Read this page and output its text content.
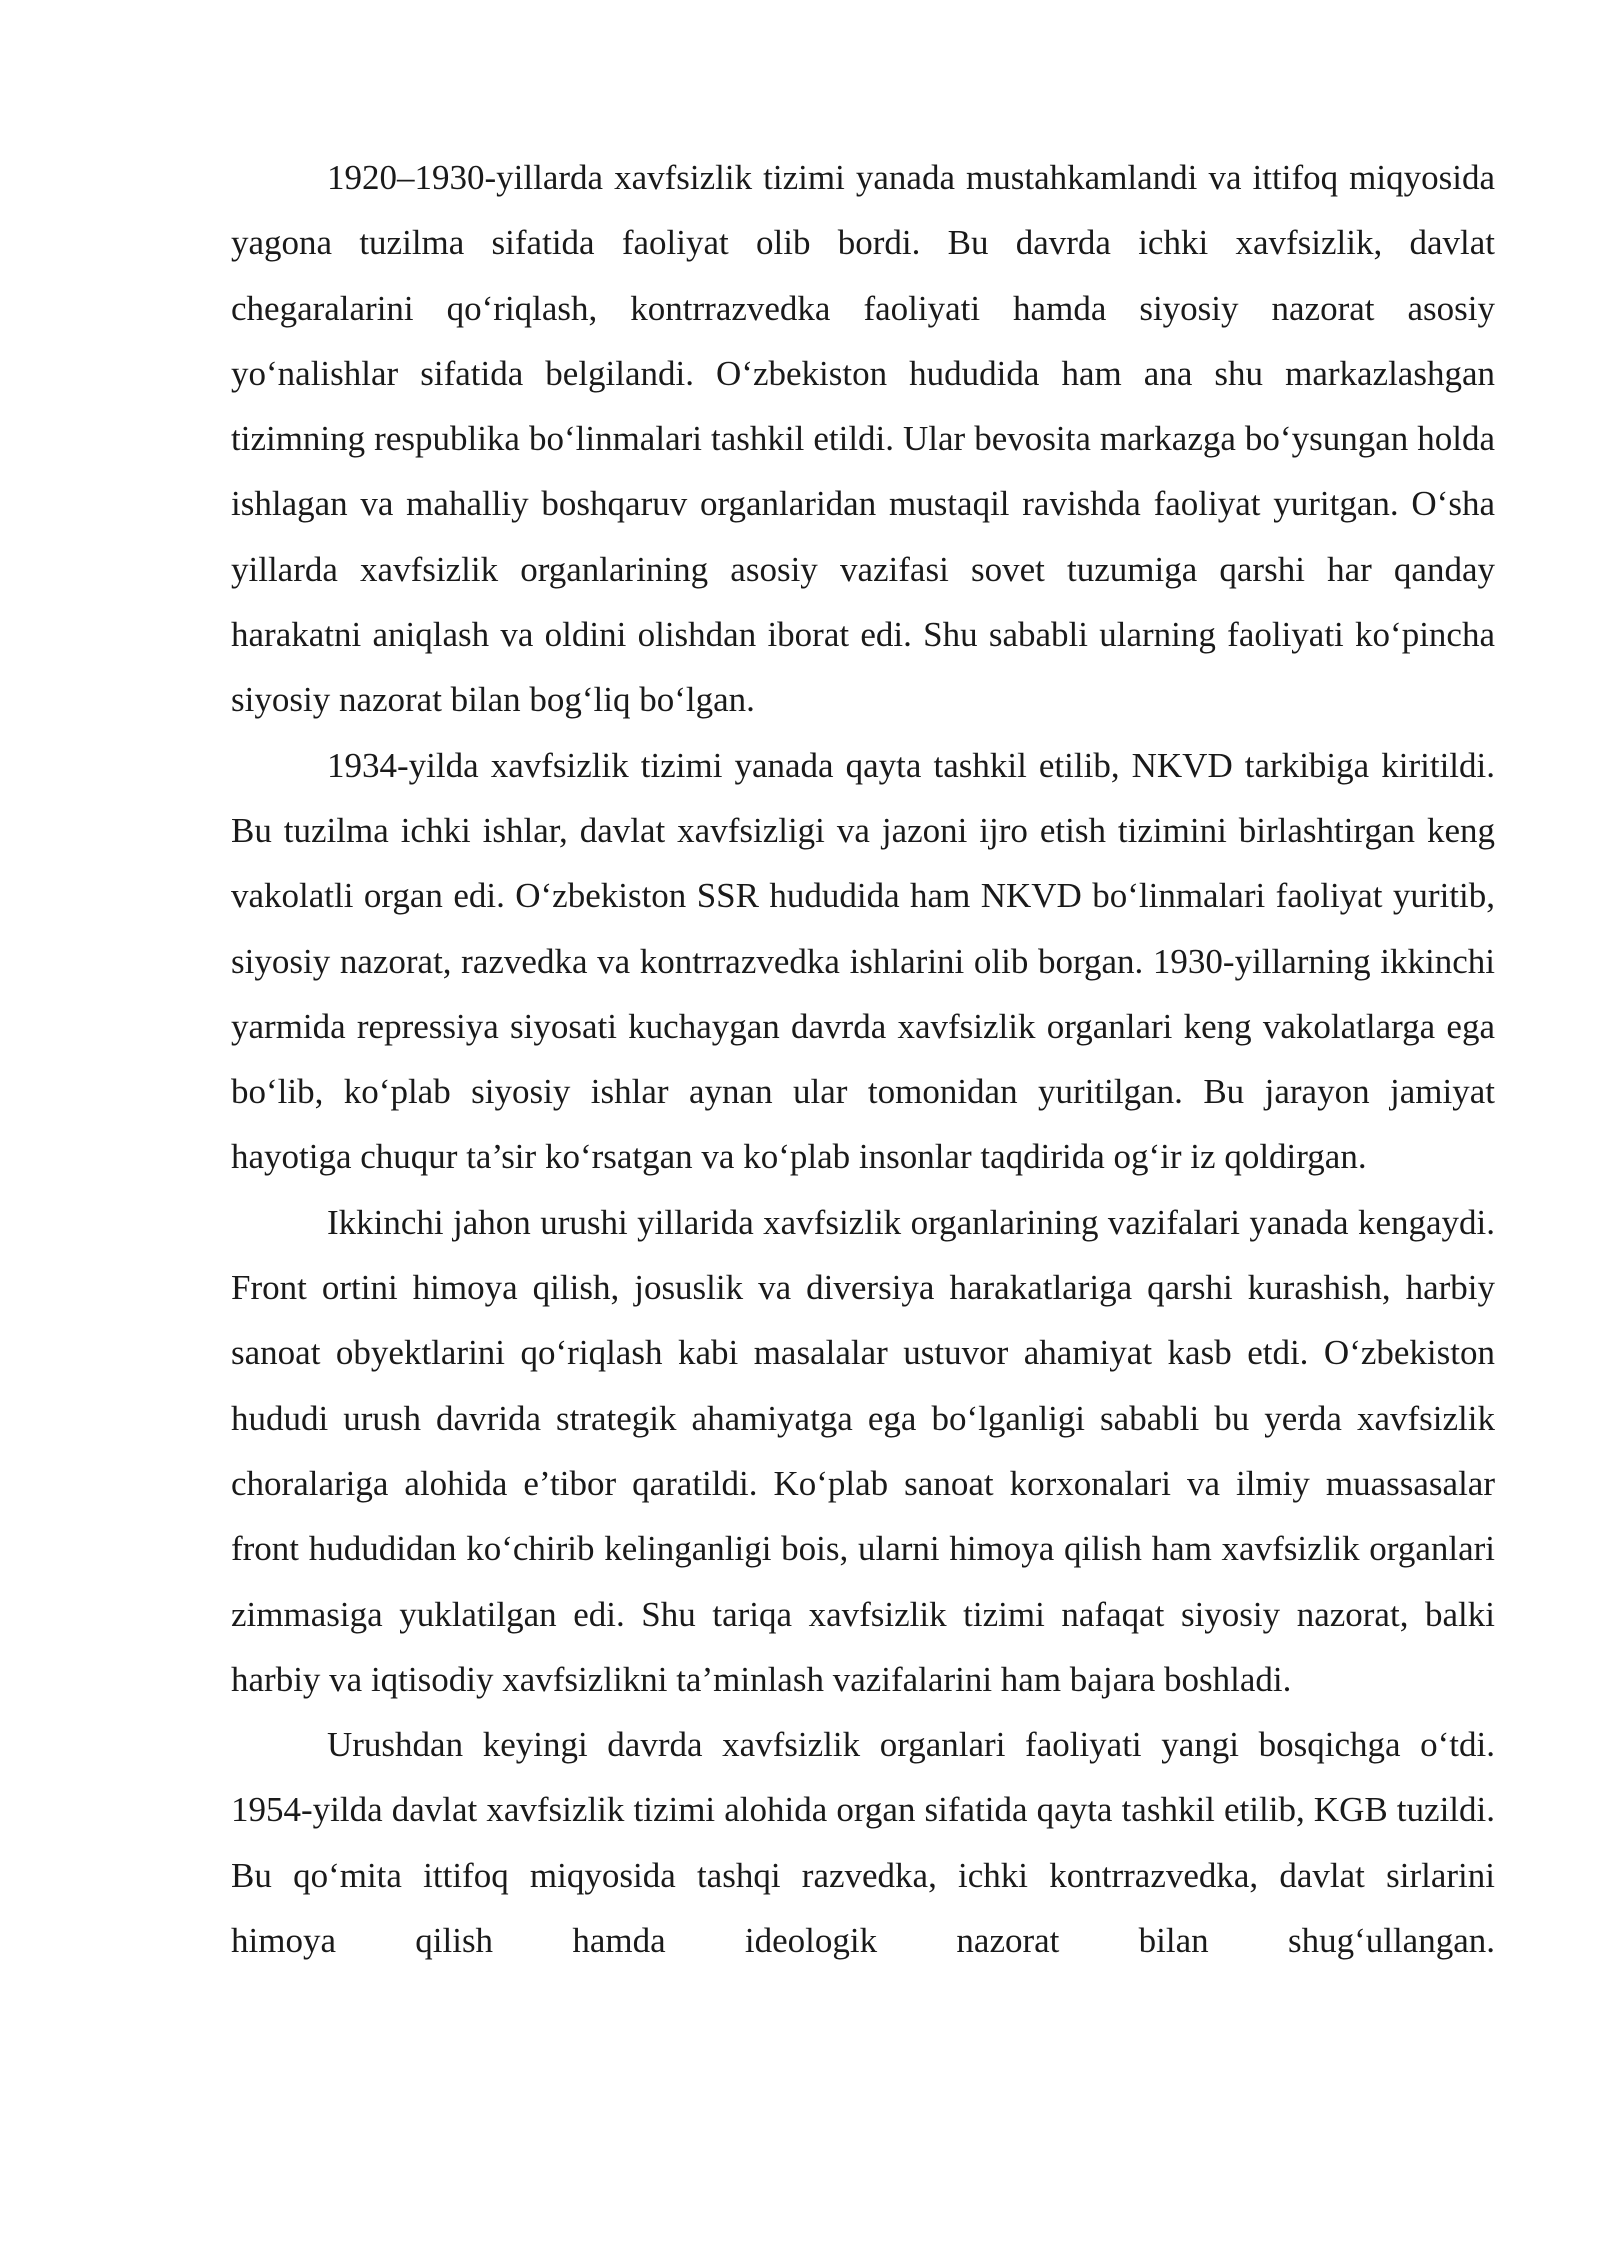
1920–1930-yillarda xavfsizlik tizimi yanada mustahkamlandi va ittifoq miqyosida yagona tuzilma sifatida faoliyat olib bordi. Bu davrda ichki xavfsizlik, davlat chegaralarini qo‘riqlash, kontrrazvedka faoliyati hamda siyosiy nazorat asosiy yo‘nalishlar sifatida belgilandi. O‘zbekiston hududida ham ana shu markazlashgan tizimning respublika bo‘linmalari tashkil etildi. Ular bevosita markazga bo‘ysungan holda ishlagan va mahalliy boshqaruv organlaridan mustaqil ravishda faoliyat yuritgan. O‘sha yillarda xavfsizlik organlarining asosiy vazifasi sovet tuzumiga qarshi har qanday harakatni aniqlash va oldini olishdan iborat edi. Shu sababli ularning faoliyati ko‘pincha siyosiy nazorat bilan bog‘liq bo‘lgan.

1934-yilda xavfsizlik tizimi yanada qayta tashkil etilib, NKVD tarkibiga kiritildi. Bu tuzilma ichki ishlar, davlat xavfsizligi va jazoni ijro etish tizimini birlashtirgan keng vakolatli organ edi. O‘zbekiston SSR hududida ham NKVD bo‘linmalari faoliyat yuritib, siyosiy nazorat, razvedka va kontrrazvedka ishlarini olib borgan. 1930-yillarning ikkinchi yarmida repressiya siyosati kuchaygan davrda xavfsizlik organlari keng vakolatlarga ega bo‘lib, ko‘plab siyosiy ishlar aynan ular tomonidan yuritilgan. Bu jarayon jamiyat hayotiga chuqur ta’sir ko‘rsatgan va ko‘plab insonlar taqdirida og‘ir iz qoldirgan.

Ikkinchi jahon urushi yillarida xavfsizlik organlarining vazifalari yanada kengaydi. Front ortini himoya qilish, josuslik va diversiya harakatlariga qarshi kurashish, harbiy sanoat obyektlarini qo‘riqlash kabi masalalar ustuvor ahamiyat kasb etdi. O‘zbekiston hududi urush davrida strategik ahamiyatga ega bo‘lganligi sababli bu yerda xavfsizlik choralariga alohida e’tibor qaratildi. Ko‘plab sanoat korxonalari va ilmiy muassasalar front hududidan ko‘chirib kelinganligi bois, ularni himoya qilish ham xavfsizlik organlari zimmasiga yuklatilgan edi. Shu tariqa xavfsizlik tizimi nafaqat siyosiy nazorat, balki harbiy va iqtisodiy xavfsizlikni ta’minlash vazifalarini ham bajara boshladi.

Urushdan keyingi davrda xavfsizlik organlari faoliyati yangi bosqichga o‘tdi. 1954-yilda davlat xavfsizlik tizimi alohida organ sifatida qayta tashkil etilib, KGB tuzildi. Bu qo‘mita ittifoq miqyosida tashqi razvedka, ichki kontrrazvedka, davlat sirlarini himoya qilish hamda ideologik nazorat bilan shug‘ullangan.
